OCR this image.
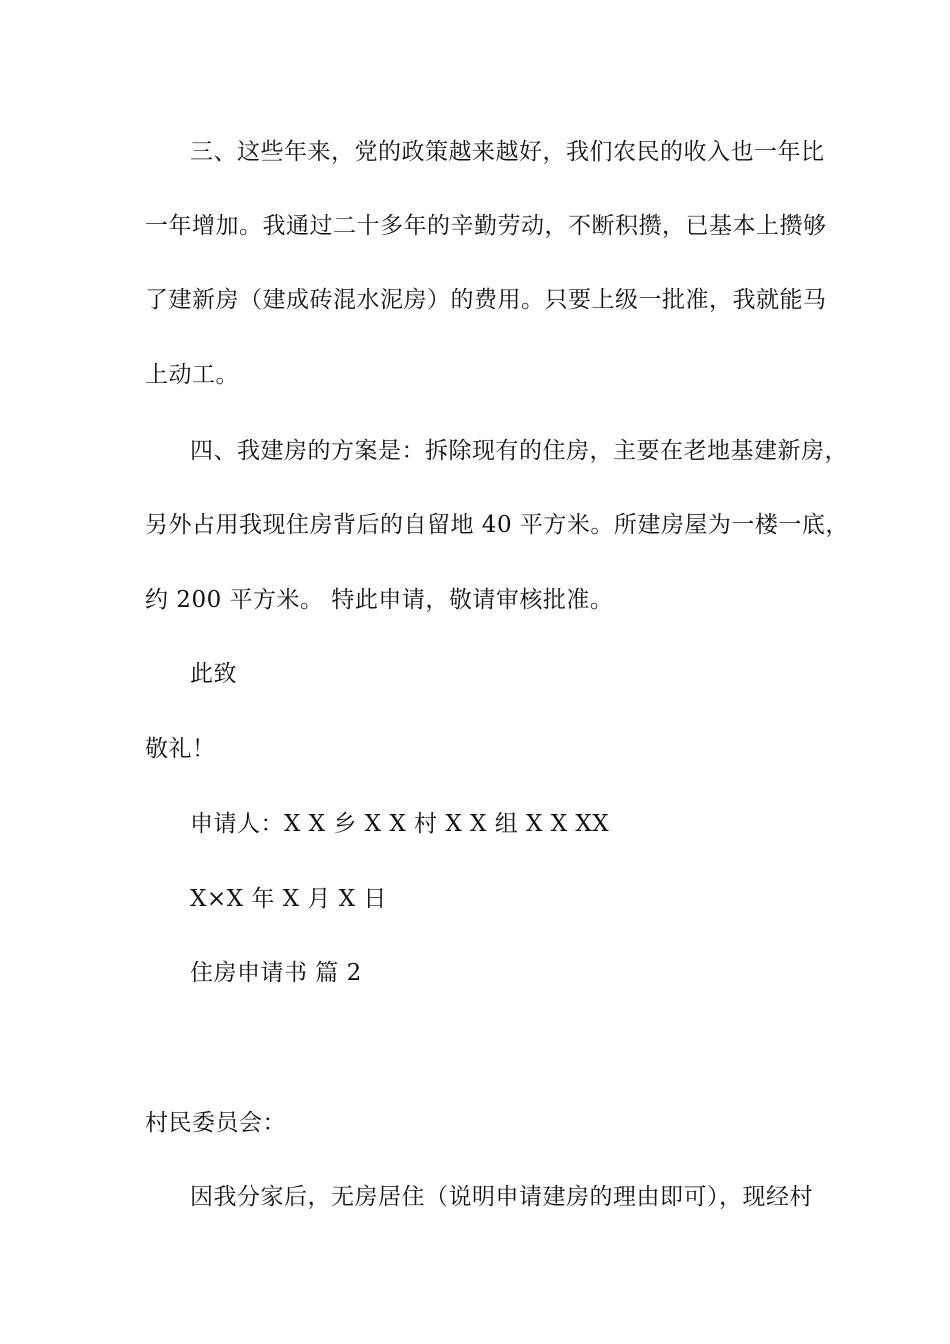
三、这些年来，党的政策越来越好，我们农民的收入也一年比
一年增加。我通过二十多年的辛勤劳动，不断积攒，已基本上攒够
了建新房（建成砖混水泥房）的费用。只要上级一批准，我就能马
上动工。
四、我建房的方案是：拆除现有的住房，主要在老地基建新房，
另外占用我现住房背后的自留地 40 平方米。所建房屋为一楼一底，
约 200 平方米。 特此申请，敬请审核批准。
此致
敬礼！
申请人：X X 乡 X X 村 X X 组 X X XX
X×X 年 X 月 X 日
住房申请书 篇 2
村民委员会：
因我分家后，无房居住（说明申请建房的理由即可），现经村
